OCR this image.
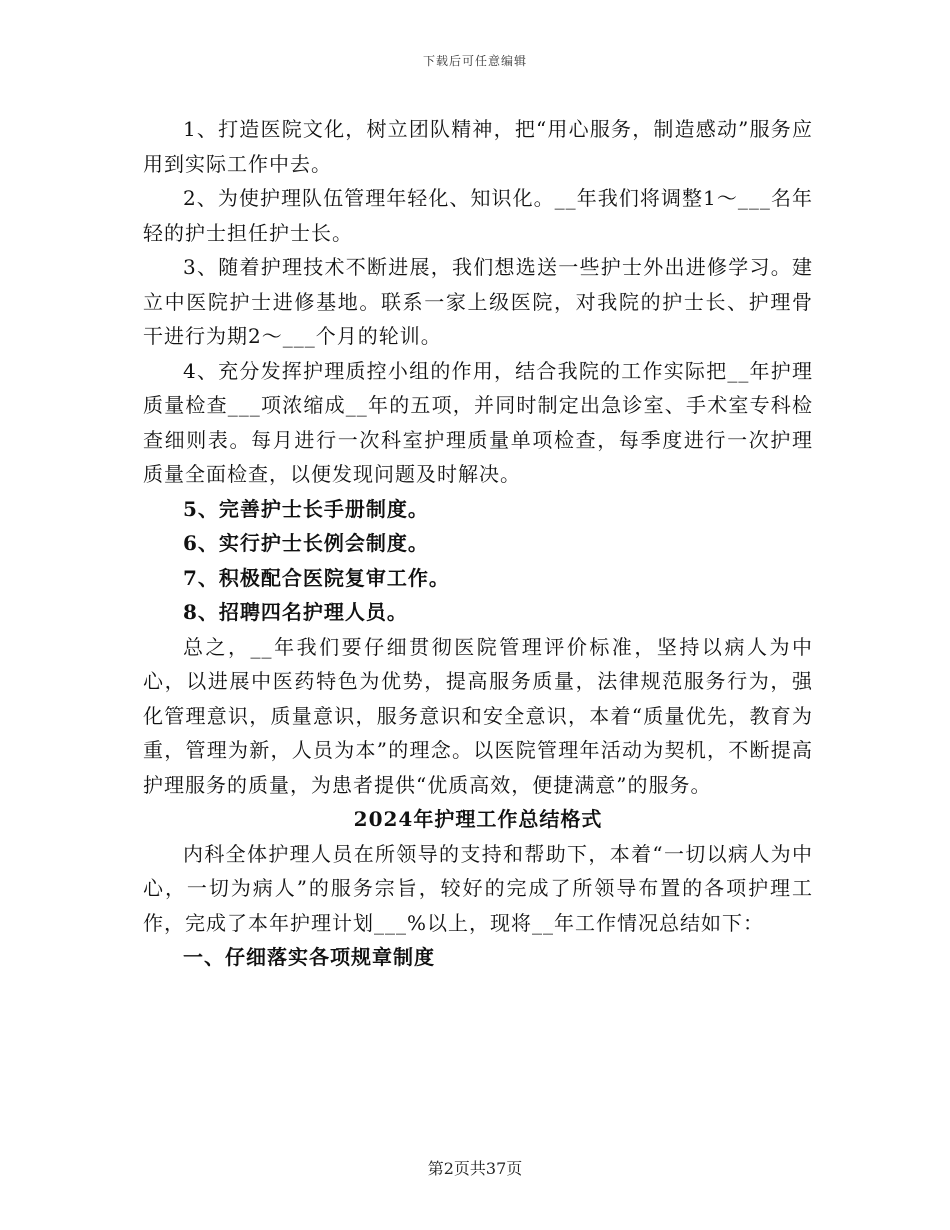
下载后可任意编辑

1、打造医院文化，树立团队精神，把“用心服务，制造感动”服务应用到实际工作中去。

2、为使护理队伍管理年轻化、知识化。__年我们将调整1～___名年轻的护士担任护士长。

3、随着护理技术不断进展，我们想选送一些护士外出进修学习。建立中医院护士进修基地。联系一家上级医院，对我院的护士长、护理骨干进行为期2～___个月的轮训。

4、充分发挥护理质控小组的作用，结合我院的工作实际把__年护理质量检查___项浓缩成__年的五项，并同时制定出急诊室、手术室专科检查细则表。每月进行一次科室护理质量单项检查，每季度进行一次护理质量全面检查，以便发现问题及时解决。

5、完善护士长手册制度。

6、实行护士长例会制度。

7、积极配合医院复审工作。

8、招聘四名护理人员。

总之，__年我们要仔细贯彻医院管理评价标准，坚持以病人为中心，以进展中医药特色为优势，提高服务质量，法律规范服务行为，强化管理意识，质量意识，服务意识和安全意识，本着“质量优先，教育为重，管理为新，人员为本”的理念。以医院管理年活动为契机，不断提高护理服务的质量，为患者提供“优质高效，便捷满意”的服务。

2024年护理工作总结格式

内科全体护理人员在所领导的支持和帮助下，本着“一切以病人为中心，一切为病人”的服务宗旨，较好的完成了所领导布置的各项护理工作，完成了本年护理计划___%以上，现将__年工作情况总结如下：

一、仔细落实各项规章制度

第2页共37页
